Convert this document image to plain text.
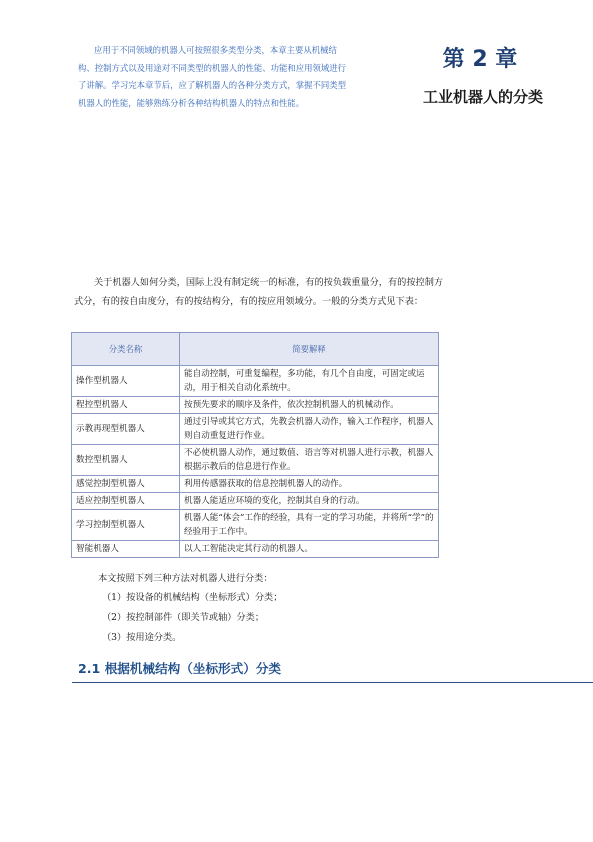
应用于不同领域的机器人可按照很多类型分类，本章主要从机械结构、控制方式以及用途对不同类型的机器人的性能、功能和应用领域进行了讲解。学习完本章节后，应了解机器人的各种分类方式，掌握不同类型机器人的性能，能够熟练分析各种结构机器人的特点和性能。

第 2 章
工业机器人的分类

关于机器人如何分类，国际上没有制定统一的标准，有的按负载重量分，有的按控制方式分，有的按自由度分，有的按结构分，有的按应用领域分。一般的分类方式见下表：

分类名称	简要解释
操作型机器人	能自动控制，可重复编程，多功能，有几个自由度，可固定或运动，用于相关自动化系统中。
程控型机器人	按预先要求的顺序及条件，依次控制机器人的机械动作。
示教再现型机器人	通过引导或其它方式，先教会机器人动作，输入工作程序，机器人则自动重复进行作业。
数控型机器人	不必使机器人动作，通过数值、语言等对机器人进行示教，机器人根据示教后的信息进行作业。
感觉控制型机器人	利用传感器获取的信息控制机器人的动作。
适应控制型机器人	机器人能适应环境的变化，控制其自身的行动。
学习控制型机器人	机器人能“体会”工作的经验，具有一定的学习功能，并将所“学”的经验用于工作中。
智能机器人	以人工智能决定其行动的机器人。

本文按照下列三种方法对机器人进行分类：

（1）按设备的机械结构（坐标形式）分类；
（2）按控制部件（即关节或轴）分类；
（3）按用途分类。
2.1 根据机械结构（坐标形式）分类
